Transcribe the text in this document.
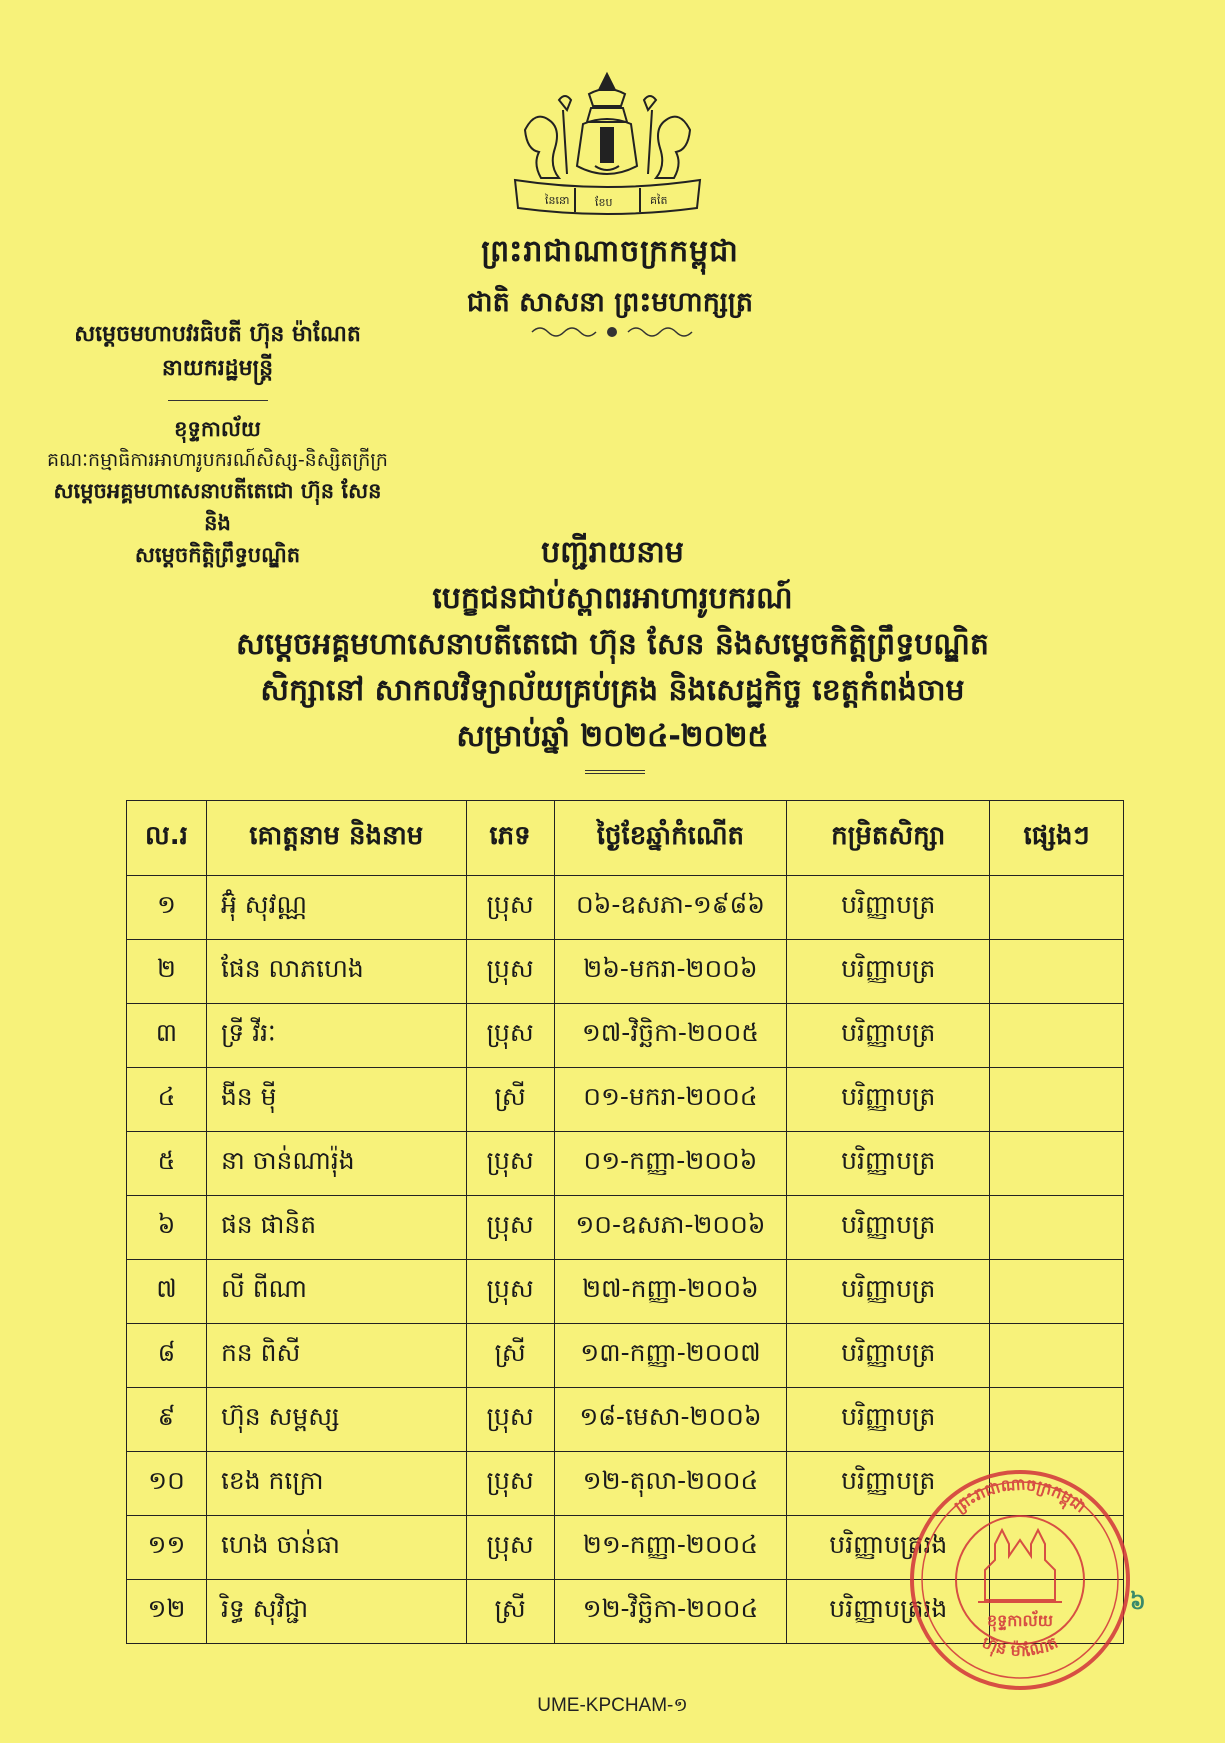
នៃនោ ខែប	គតៃ
ព្រះរាជាណាចក្រកម្ពុជា
ជាតិ សាសនា ព្រះមហាក្សត្រ
សម្តេចមហាបវរធិបតី ហ៊ុន ម៉ាណែត
នាយករដ្ឋមន្ត្រី
ខុទ្ទកាល័យ
គណៈកម្មាធិការអាហារូបករណ៍សិស្ស-និស្សិតក្រីក្រ
សម្តេចអគ្គមហាសេនាបតីតេជោ ហ៊ុន សែន និង
សម្តេចកិត្តិព្រឹទ្ធបណ្ឌិត	បញ្ជីរាយនាម
បេក្ខជនជាប់ស្ពាពរអាហារូបករណ៍
សម្តេចអគ្គមហាសេនាបតីតេជោ ហ៊ុន សែន និងសម្តេចកិត្តិព្រឹទ្ធបណ្ឌិត
សិក្សានៅ សាកលវិទ្យាល័យគ្រប់គ្រង និងសេដ្ឋកិច្ច ខេត្តកំពង់ចាម
សម្រាប់ឆ្នាំ ២០២៤-២០២៥
ល.រ	គោត្តនាម និងនាម	ភេទ	ថ្ងៃខែឆ្នាំកំណើត	កម្រិតសិក្សា	ផ្សេងៗ
១	អ៊ុំ សុវណ្ណ	ប្រុស	០៦-ឧសភា-១៩៨៦	បរិញ្ញាបត្រ	
២	ផែន លាភហេង	ប្រុស	២៦-មករា-២០០៦	បរិញ្ញាបត្រ	
៣	ទ្រី វីរៈ	ប្រុស	១៧-វិច្ឆិកា-២០០៥	បរិញ្ញាបត្រ	
៤	ងីន ម៉ី	ស្រី	០១-មករា-២០០៤	បរិញ្ញាបត្រ	
៥	នា ចាន់ណារ៉ុង	ប្រុស	០១-កញ្ញា-២០០៦	បរិញ្ញាបត្រ	
៦	ផន ផានិត	ប្រុស	១០-ឧសភា-២០០៦	បរិញ្ញាបត្រ	
៧	លី ពីណា	ប្រុស	២៧-កញ្ញា-២០០៦	បរិញ្ញាបត្រ	
៨	កន ពិសី	ស្រី	១៣-កញ្ញា-២០០៧	បរិញ្ញាបត្រ	
៩	ហ៊ុន សម្ពស្ស	ប្រុស	១៨-មេសា-២០០៦	បរិញ្ញាបត្រ	
១០	ខេង កក្រោ	ប្រុស	១២-តុលា-២០០៤	បរិញ្ញាបត្រ	
១១	ហេង ចាន់ធា	ប្រុស	២១-កញ្ញា-២០០៤	បរិញ្ញាបត្ររង	
១២	រិទ្ធ សុវិជ្ជា	ស្រី	១២-វិច្ឆិកា-២០០៤	បរិញ្ញាបត្ររង	
ព្រះរាជាណាចក្រកម្ពុជា
ហ៊ុន ម៉ាណែត
ខុទ្ទកាល័យ
៦
UME-KPCHAM-១
